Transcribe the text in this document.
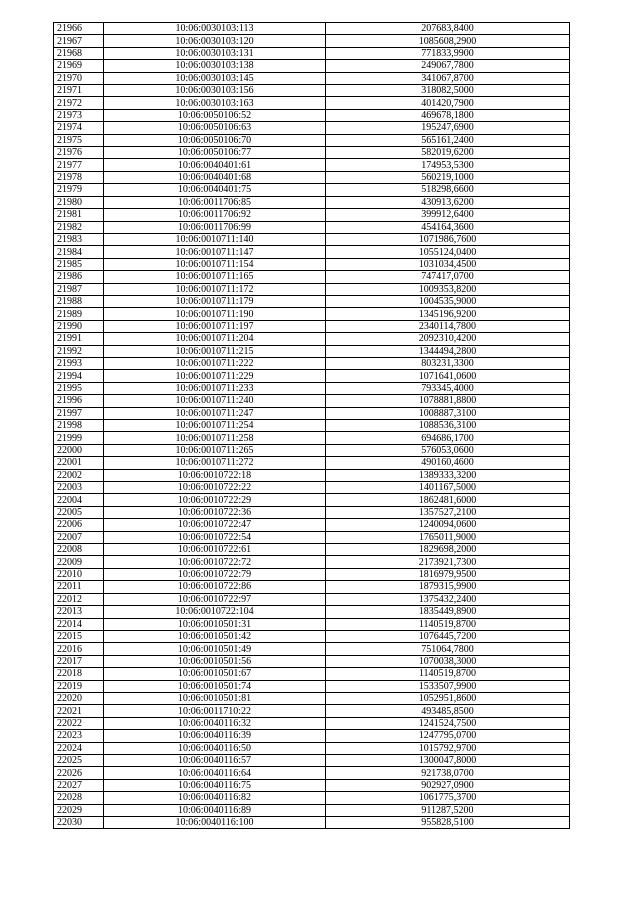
21966	10:06:0030103:113	207683,8400
21967	10:06:0030103:120	1085608,2900
21968	10:06:0030103:131	771833,9900
21969	10:06:0030103:138	249067,7800
21970	10:06:0030103:145	341067,8700
21971	10:06:0030103:156	318082,5000
21972	10:06:0030103:163	401420,7900
21973	10:06:0050106:52	469678,1800
21974	10:06:0050106:63	195247,6900
21975	10:06:0050106:70	565161,2400
21976	10:06:0050106:77	582019,6200
21977	10:06:0040401:61	174953,5300
21978	10:06:0040401:68	560219,1000
21979	10:06:0040401:75	518298,6600
21980	10:06:0011706:85	430913,6200
21981	10:06:0011706:92	399912,6400
21982	10:06:0011706:99	454164,3600
21983	10:06:0010711:140	1071986,7600
21984	10:06:0010711:147	1055124,0400
21985	10:06:0010711:154	1031034,4500
21986	10:06:0010711:165	747417,0700
21987	10:06:0010711:172	1009353,8200
21988	10:06:0010711:179	1004535,9000
21989	10:06:0010711:190	1345196,9200
21990	10:06:0010711:197	2340114,7800
21991	10:06:0010711:204	2092310,4200
21992	10:06:0010711:215	1344494,2800
21993	10:06:0010711:222	803231,3300
21994	10:06:0010711:229	1071641,0600
21995	10:06:0010711:233	793345,4000
21996	10:06:0010711:240	1078881,8800
21997	10:06:0010711:247	1008887,3100
21998	10:06:0010711:254	1088536,3100
21999	10:06:0010711:258	694686,1700
22000	10:06:0010711:265	576053,0600
22001	10:06:0010711:272	490160,4600
22002	10:06:0010722:18	1389333,3200
22003	10:06:0010722:22	1401167,5000
22004	10:06:0010722:29	1862481,6000
22005	10:06:0010722:36	1357527,2100
22006	10:06:0010722:47	1240094,0600
22007	10:06:0010722:54	1765011,9000
22008	10:06:0010722:61	1829698,2000
22009	10:06:0010722:72	2173921,7300
22010	10:06:0010722:79	1816979,9500
22011	10:06:0010722:86	1879315,9900
22012	10:06:0010722:97	1375432,2400
22013	10:06:0010722:104	1835449,8900
22014	10:06:0010501:31	1140519,8700
22015	10:06:0010501:42	1076445,7200
22016	10:06:0010501:49	751064,7800
22017	10:06:0010501:56	1070038,3000
22018	10:06:0010501:67	1140519,8700
22019	10:06:0010501:74	1533507,9900
22020	10:06:0010501:81	1052951,8600
22021	10:06:0011710:22	493485,8500
22022	10:06:0040116:32	1241524,7500
22023	10:06:0040116:39	1247795,0700
22024	10:06:0040116:50	1015792,9700
22025	10:06:0040116:57	1300047,8000
22026	10:06:0040116:64	921738,0700
22027	10:06:0040116:75	902927,0900
22028	10:06:0040116:82	1061775,3700
22029	10:06:0040116:89	911287,5200
22030	10:06:0040116:100	955828,5100
